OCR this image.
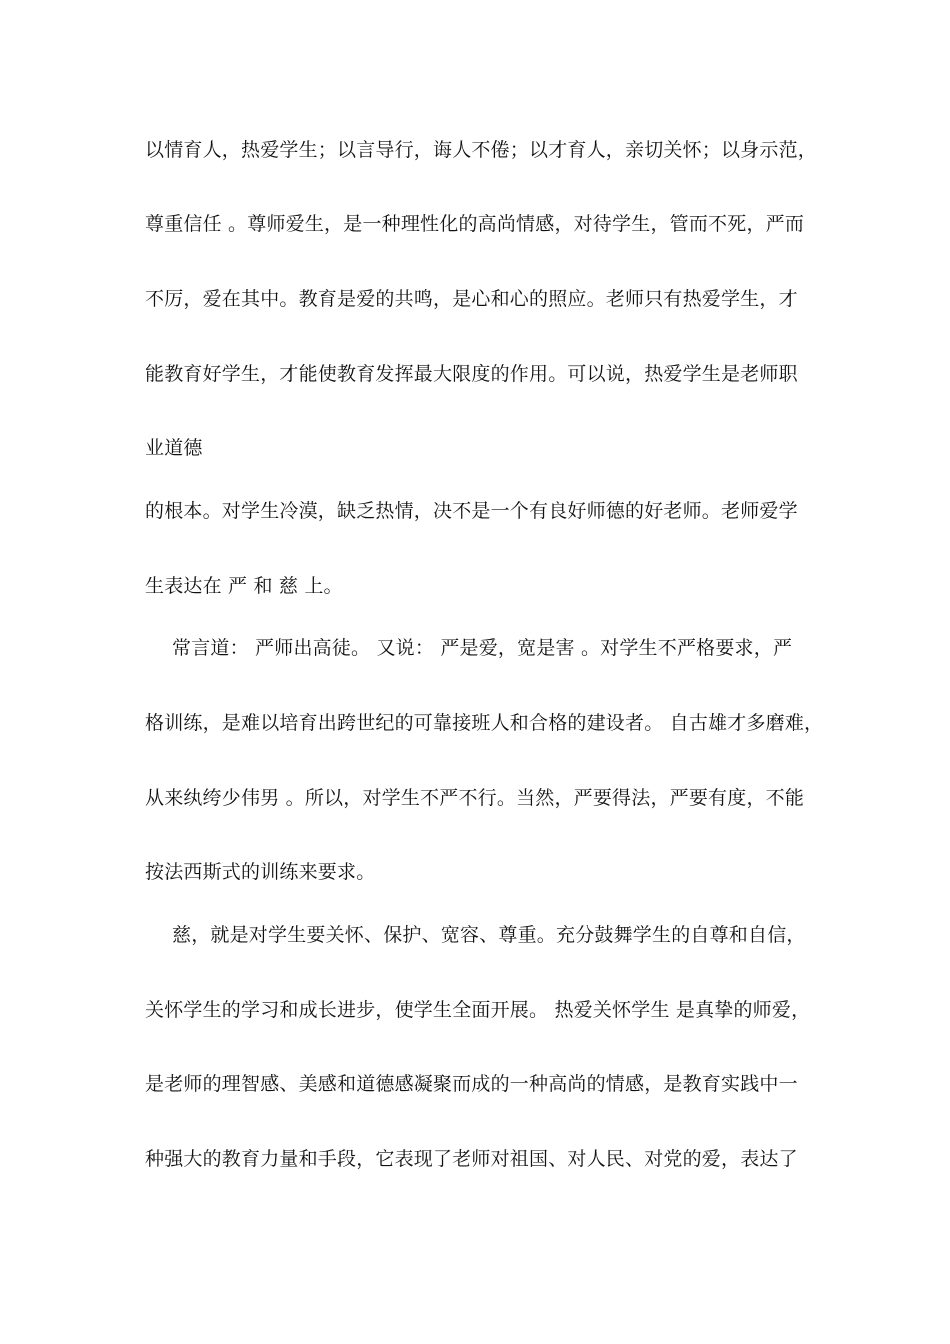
以情育人，热爱学生；以言导行，诲人不倦；以才育人，亲切关怀；以身示范，
尊重信任 。尊师爱生，是一种理性化的高尚情感，对待学生，管而不死，严而
不厉，爱在其中。教育是爱的共鸣，是心和心的照应。老师只有热爱学生，才
能教育好学生，才能使教育发挥最大限度的作用。可以说，热爱学生是老师职
业道德
的根本。对学生冷漠，缺乏热情，决不是一个有良好师德的好老师。老师爱学
生表达在 严 和 慈 上。
常言道： 严师出高徒。 又说： 严是爱，宽是害 。对学生不严格要求，严
格训练，是难以培育出跨世纪的可靠接班人和合格的建设者。 自古雄才多磨难，
从来纨绔少伟男 。所以，对学生不严不行。当然，严要得法，严要有度，不能
按法西斯式的训练来要求。
慈，就是对学生要关怀、保护、宽容、尊重。充分鼓舞学生的自尊和自信，
关怀学生的学习和成长进步，使学生全面开展。 热爱关怀学生 是真挚的师爱，
是老师的理智感、美感和道德感凝聚而成的一种高尚的情感，是教育实践中一
种强大的教育力量和手段，它表现了老师对祖国、对人民、对党的爱，表达了
